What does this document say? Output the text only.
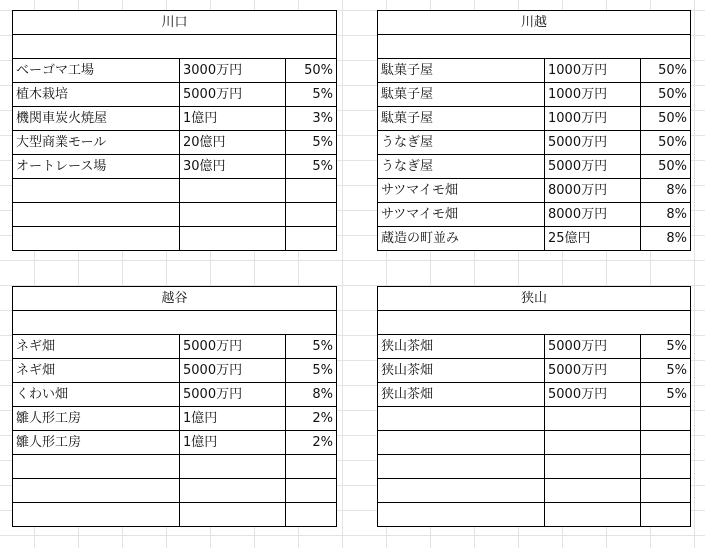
川口		

ベーゴマ工場	3000万円	50%
植木栽培	5000万円	5%
機関車炭火焼屋	1億円	3%
大型商業モール	20億円	5%
オートレース場	30億円	5%

川越		

駄菓子屋	1000万円	50%
駄菓子屋	1000万円	50%
駄菓子屋	1000万円	50%
うなぎ屋	5000万円	50%
うなぎ屋	5000万円	50%
サツマイモ畑	8000万円	8%
サツマイモ畑	8000万円	8%
蔵造の町並み	25億円	8%
越谷		

ネギ畑	5000万円	5%
ネギ畑	5000万円	5%
くわい畑	5000万円	8%
雛人形工房	1億円	2%
雛人形工房	1億円	2%

狭山		

狭山茶畑	5000万円	5%
狭山茶畑	5000万円	5%
狭山茶畑	5000万円	5%
